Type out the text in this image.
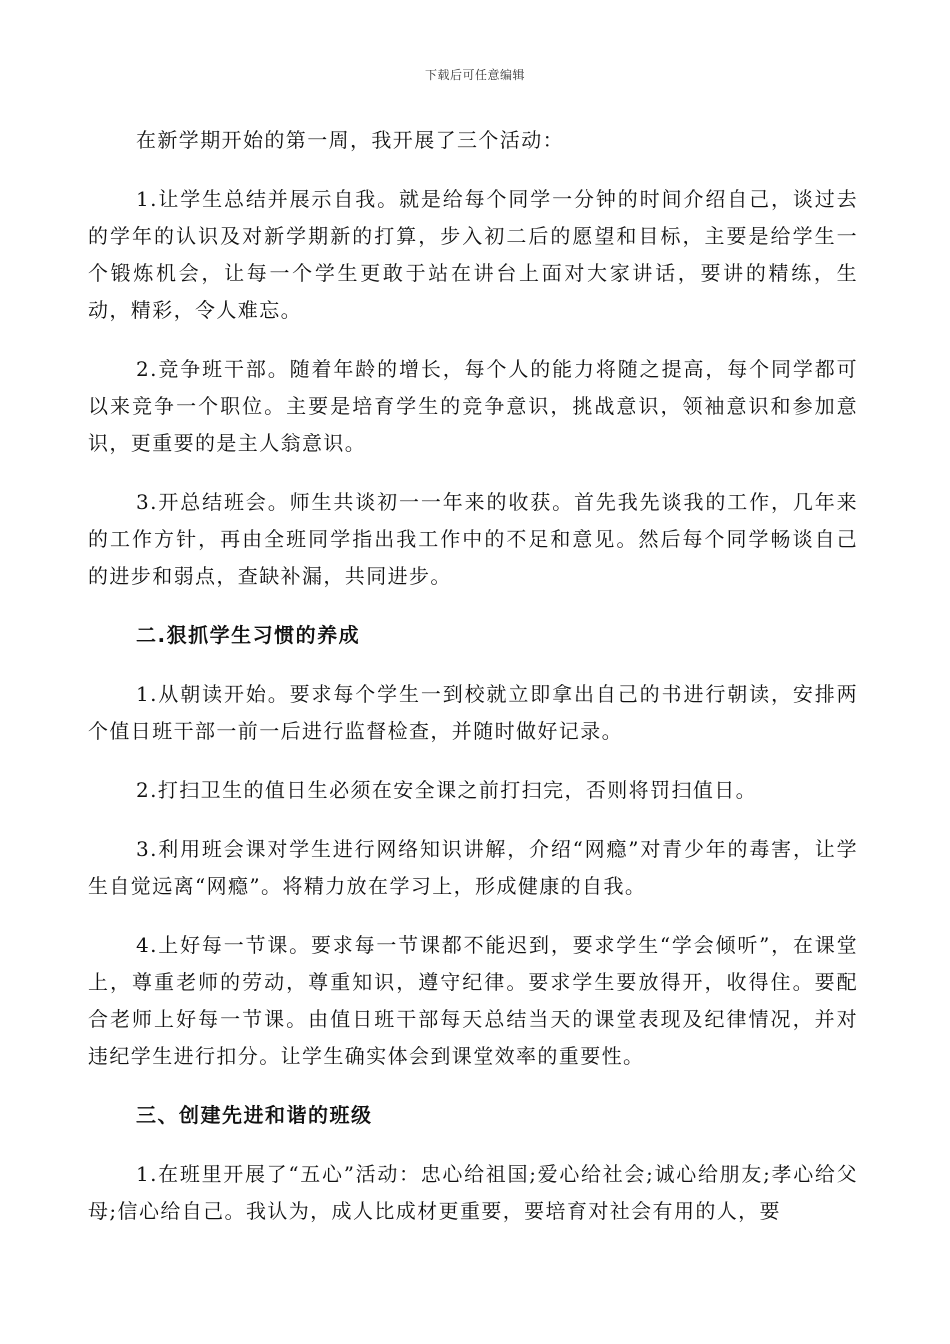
下载后可任意编辑

在新学期开始的第一周，我开展了三个活动：

1.让学生总结并展示自我。就是给每个同学一分钟的时间介绍自己，谈过去的学年的认识及对新学期新的打算，步入初二后的愿望和目标，主要是给学生一个锻炼机会，让每一个学生更敢于站在讲台上面对大家讲话，要讲的精练，生动，精彩，令人难忘。

2.竞争班干部。随着年龄的增长，每个人的能力将随之提高，每个同学都可以来竞争一个职位。主要是培育学生的竞争意识，挑战意识，领袖意识和参加意识，更重要的是主人翁意识。

3.开总结班会。师生共谈初一一年来的收获。首先我先谈我的工作，几年来的工作方针，再由全班同学指出我工作中的不足和意见。然后每个同学畅谈自己的进步和弱点，查缺补漏，共同进步。

二.狠抓学生习惯的养成

1.从朝读开始。要求每个学生一到校就立即拿出自己的书进行朝读，安排两个值日班干部一前一后进行监督检查，并随时做好记录。

2.打扫卫生的值日生必须在安全课之前打扫完，否则将罚扫值日。

3.利用班会课对学生进行网络知识讲解，介绍“网瘾”对青少年的毒害，让学生自觉远离“网瘾”。将精力放在学习上，形成健康的自我。

4.上好每一节课。要求每一节课都不能迟到，要求学生“学会倾听”，在课堂上，尊重老师的劳动，尊重知识，遵守纪律。要求学生要放得开，收得住。要配合老师上好每一节课。由值日班干部每天总结当天的课堂表现及纪律情况，并对违纪学生进行扣分。让学生确实体会到课堂效率的重要性。

三、创建先进和谐的班级

1.在班里开展了“五心”活动：忠心给祖国;爱心给社会;诚心给朋友;孝心给父母;信心给自己。我认为，成人比成材更重要，要培育对社会有用的人，要
